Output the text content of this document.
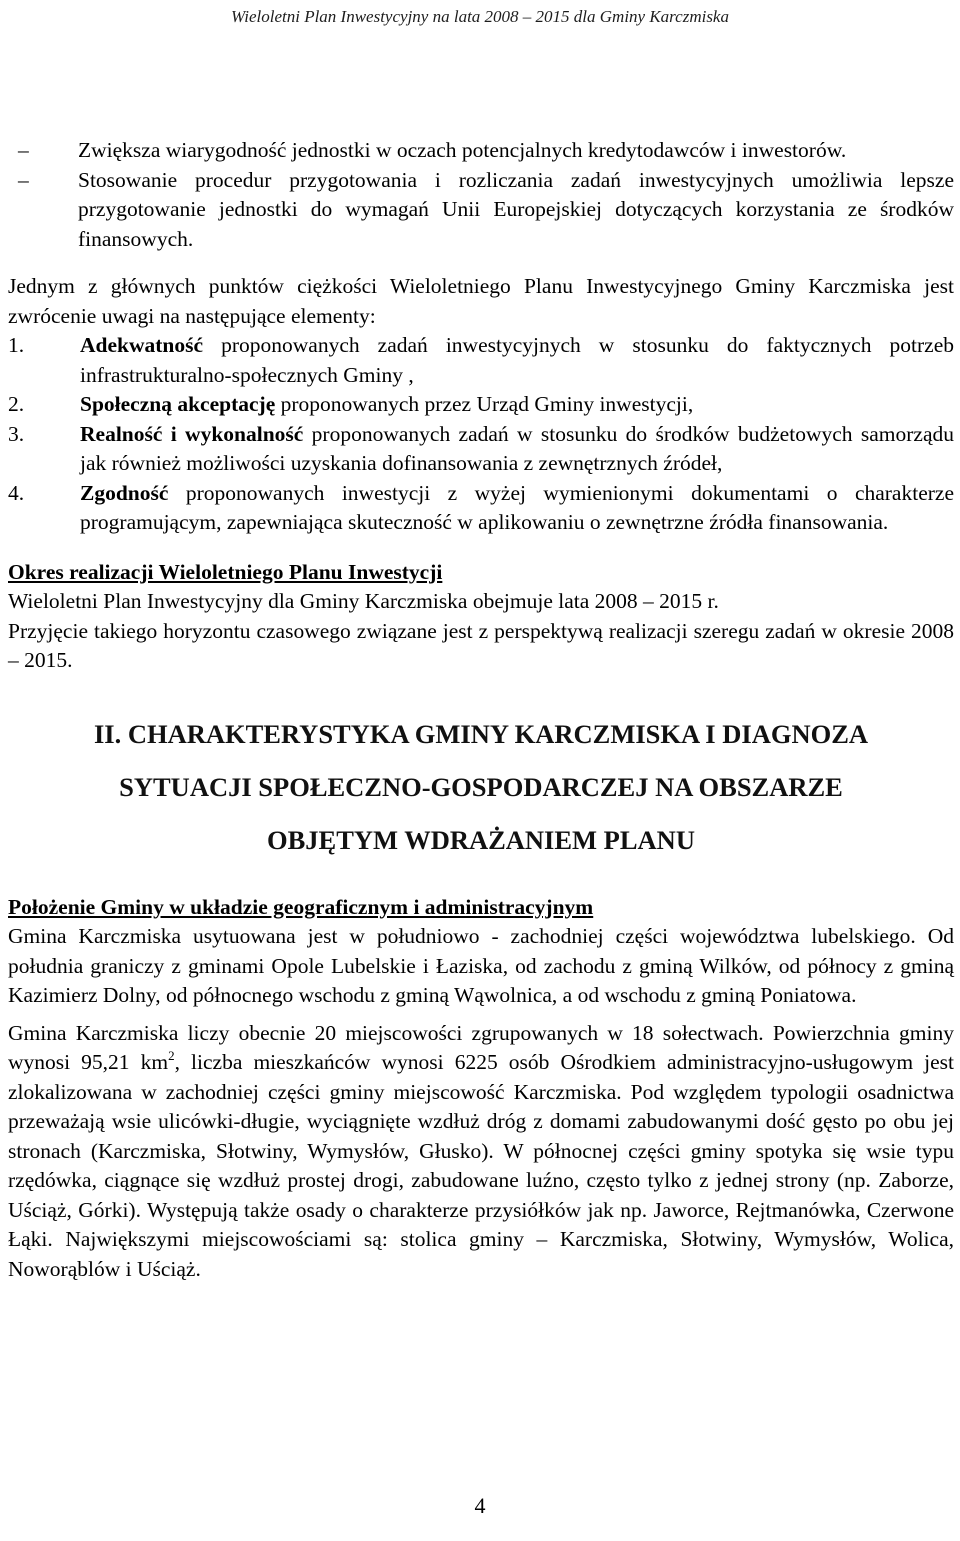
Wieloletni Plan Inwestycyjny na lata 2008 – 2015 dla Gminy Karczmiska
–	Zwiększa wiarygodność jednostki w oczach potencjalnych kredytodawców i inwestorów.
–	Stosowanie procedur przygotowania i rozliczania zadań inwestycyjnych umożliwia lepsze przygotowanie jednostki do wymagań Unii Europejskiej dotyczących korzystania ze środków finansowych.

Jednym z głównych punktów ciężkości Wieloletniego Planu Inwestycyjnego Gminy Karczmiska jest zwrócenie uwagi na następujące elementy:

1.	Adekwatność proponowanych zadań inwestycyjnych w stosunku do faktycznych potrzeb infrastrukturalno-społecznych Gminy ,
2.	Społeczną akceptację proponowanych przez Urząd Gminy inwestycji,
3.	Realność i wykonalność proponowanych zadań w stosunku do środków budżetowych samorządu jak również możliwości uzyskania dofinansowania z zewnętrznych źródeł,
4.	Zgodność proponowanych inwestycji z wyżej wymienionymi dokumentami o charakterze programującym, zapewniająca skuteczność w aplikowaniu o zewnętrzne źródła finansowania.

Okres realizacji Wieloletniego Planu Inwestycji

Wieloletni Plan Inwestycyjny dla Gminy Karczmiska obejmuje lata 2008 – 2015 r.

Przyjęcie takiego horyzontu czasowego związane jest z perspektywą realizacji szeregu zadań w okresie 2008 – 2015.

II. CHARAKTERYSTYKA GMINY KARCZMISKA I DIAGNOZA
SYTUACJI SPOŁECZNO-GOSPODARCZEJ NA OBSZARZE
OBJĘTYM WDRAŻANIEM PLANU

Położenie Gminy w układzie geograficznym i administracyjnym

Gmina Karczmiska usytuowana jest w południowo - zachodniej części województwa lubelskiego. Od południa graniczy z gminami Opole Lubelskie i Łaziska, od zachodu z gminą Wilków, od północy z gminą Kazimierz Dolny, od północnego wschodu z gminą Wąwolnica, a od wschodu z gminą Poniatowa.

Gmina Karczmiska liczy obecnie 20 miejscowości zgrupowanych w 18 sołectwach. Powierzchnia gminy wynosi 95,21 $km^2$, liczba mieszkańców wynosi 6225 osób Ośrodkiem administracyjno-usługowym jest zlokalizowana w zachodniej części gminy miejscowość Karczmiska. Pod względem typologii osadnictwa przeważają wsie ulicówki-długie, wyciągnięte wzdłuż dróg z domami zabudowanymi dość gęsto po obu jej stronach (Karczmiska, Słotwiny, Wymysłów, Głusko). W północnej części gminy spotyka się wsie typu rzędówka, ciągnące się wzdłuż prostej drogi, zabudowane luźno, często tylko z jednej strony (np. Zaborze, Uściąż, Górki). Występują także osady o charakterze przysiółków jak np. Jaworce, Rejtmanówka, Czerwone Łąki. Największymi miejscowościami są: stolica gminy – Karczmiska, Słotwiny, Wymysłów, Wolica, Noworąblów i Uściąż.

4
